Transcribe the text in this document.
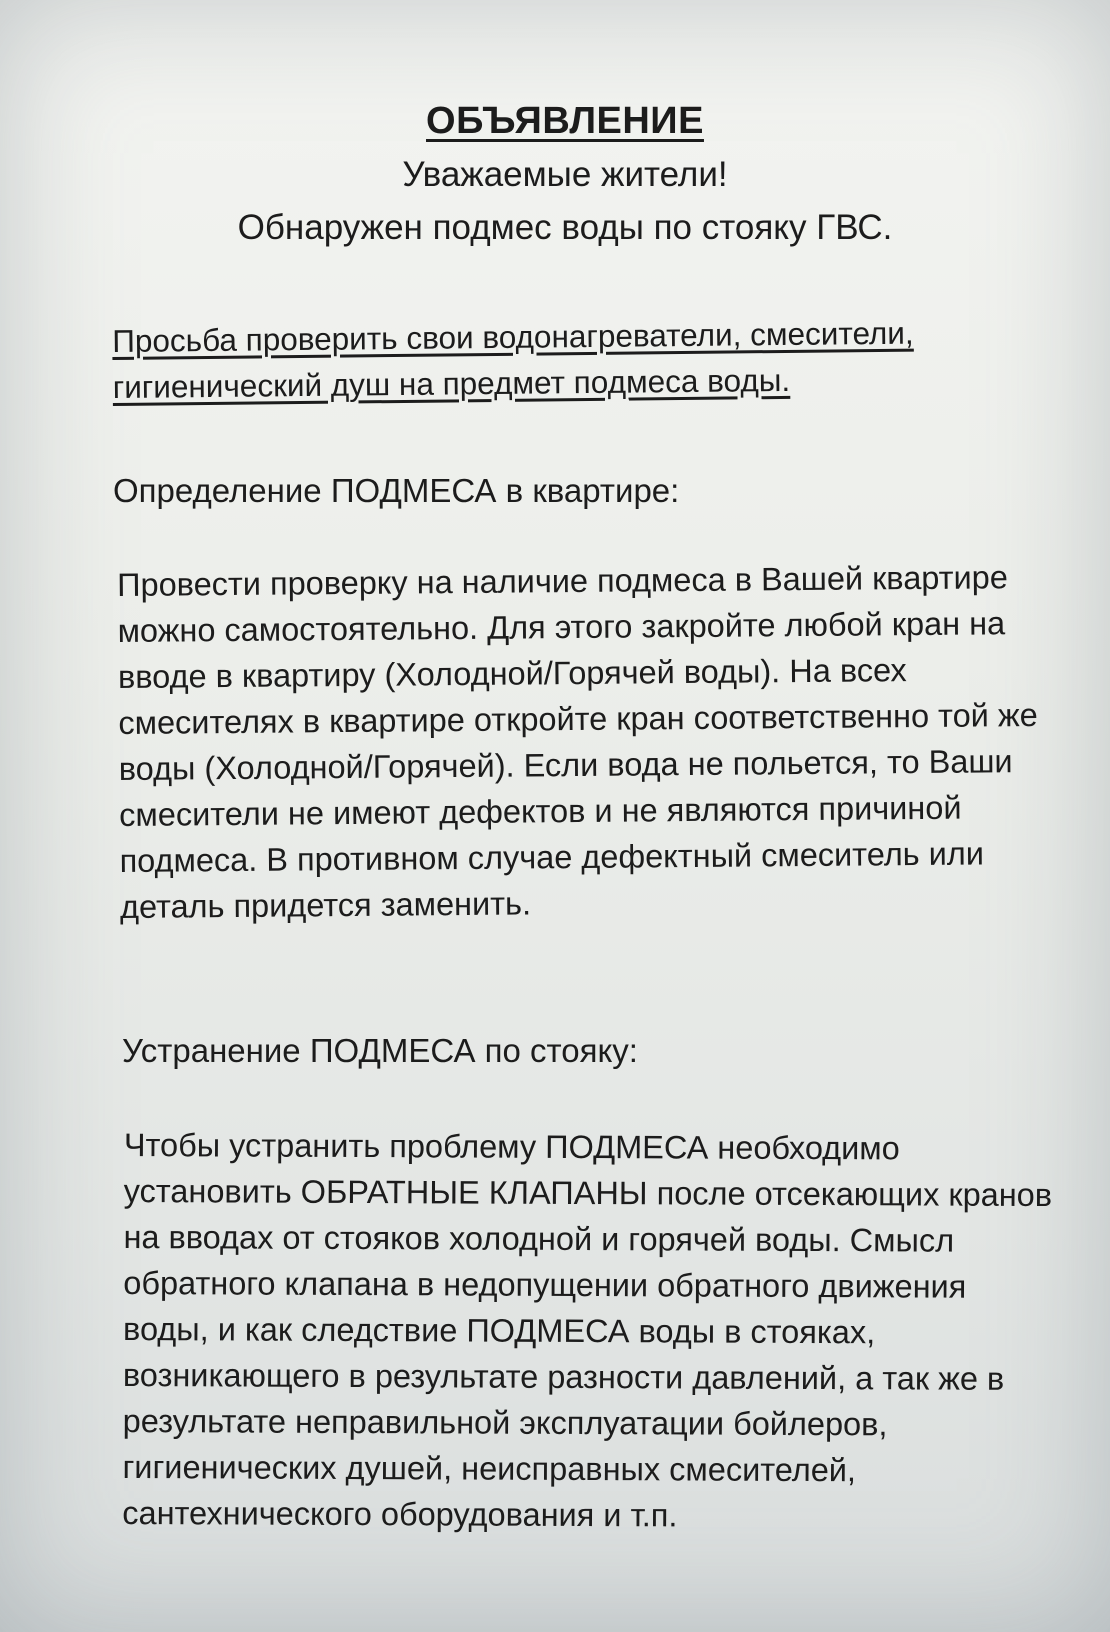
ОБЪЯВЛЕНИЕ
Уважаемые жители!
Обнаружен подмес воды по стояку ГВС.
Просьба проверить свои водонагреватели, смесители, гигиенический душ на предмет подмеса воды.
Определение ПОДМЕСА в квартире:
Провести проверку на наличие подмеса в Вашей квартире можно самостоятельно. Для этого закройте любой кран на вводе в квартиру (Холодной/Горячей воды). На всех смесителях в квартире откройте кран соответственно той же воды (Холодной/Горячей). Если вода не польется, то Ваши смесители не имеют дефектов и не являются причиной подмеса. В противном случае дефектный смеситель или деталь придется заменить.
Устранение ПОДМЕСА по стояку:
Чтобы устранить проблему ПОДМЕСА необходимо установить ОБРАТНЫЕ КЛАПАНЫ после отсекающих кранов на вводах от стояков холодной и горячей воды. Смысл обратного клапана в недопущении обратного движения воды, и как следствие ПОДМЕСА воды в стояках, возникающего в результате разности давлений, а так же в результате неправильной эксплуатации бойлеров, гигиенических душей, неисправных смесителей, сантехнического оборудования и т.п.
